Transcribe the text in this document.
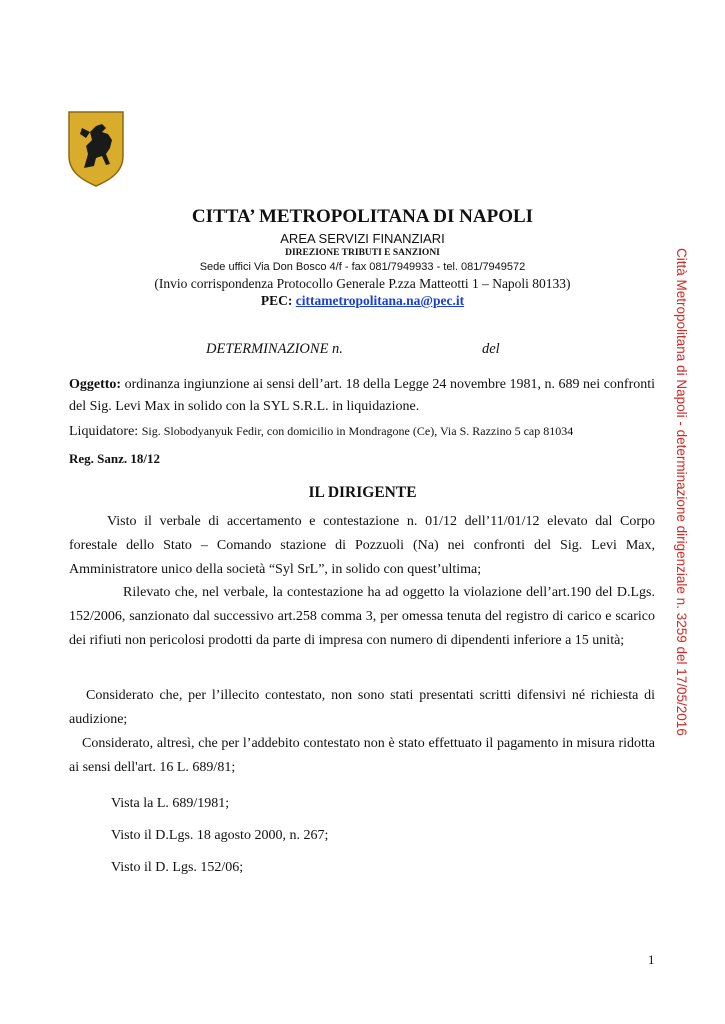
CITTA’ METROPOLITANA DI NAPOLI
AREA SERVIZI FINANZIARI
DIREZIONE TRIBUTI E SANZIONI
Sede uffici Via Don Bosco 4/f - fax 081/7949933 - tel. 081/7949572
(Invio corrispondenza Protocollo Generale P.zza Matteotti 1 – Napoli 80133)
PEC: cittametropolitana.na@pec.it
DETERMINAZIONE n.	del
Oggetto: ordinanza ingiunzione ai sensi dell’art. 18 della Legge 24 novembre 1981, n. 689 nei confronti del Sig. Levi Max in solido con la SYL S.R.L. in liquidazione.
Liquidatore: Sig. Slobodyanyuk Fedir, con domicilio in Mondragone (Ce), Via S. Razzino 5 cap 81034
Reg. Sanz. 18/12
IL DIRIGENTE
Visto il verbale di accertamento e contestazione n. 01/12 dell’11/01/12 elevato dal Corpo forestale dello Stato – Comando stazione di Pozzuoli (Na) nei confronti del Sig. Levi Max, Amministratore unico della società “Syl SrL”, in solido con quest’ultima;
Rilevato che, nel verbale, la contestazione ha ad oggetto la violazione dell’art.190 del D.Lgs. 152/2006, sanzionato dal successivo art.258 comma 3, per omessa tenuta del registro di carico e scarico dei rifiuti non pericolosi prodotti da parte di impresa con numero di dipendenti inferiore a 15 unità;
Considerato che, per l’illecito contestato, non sono stati presentati scritti difensivi né richiesta di audizione;
Considerato, altresì, che per l’addebito contestato non è stato effettuato il pagamento in misura ridotta ai sensi dell'art. 16 L. 689/81;
Vista la L. 689/1981;
Visto il D.Lgs. 18 agosto 2000, n. 267;
Visto il D. Lgs. 152/06;
1
Città Metropolitana di Napoli - determinazione dirigenziale n. 3259 del 17/05/2016
